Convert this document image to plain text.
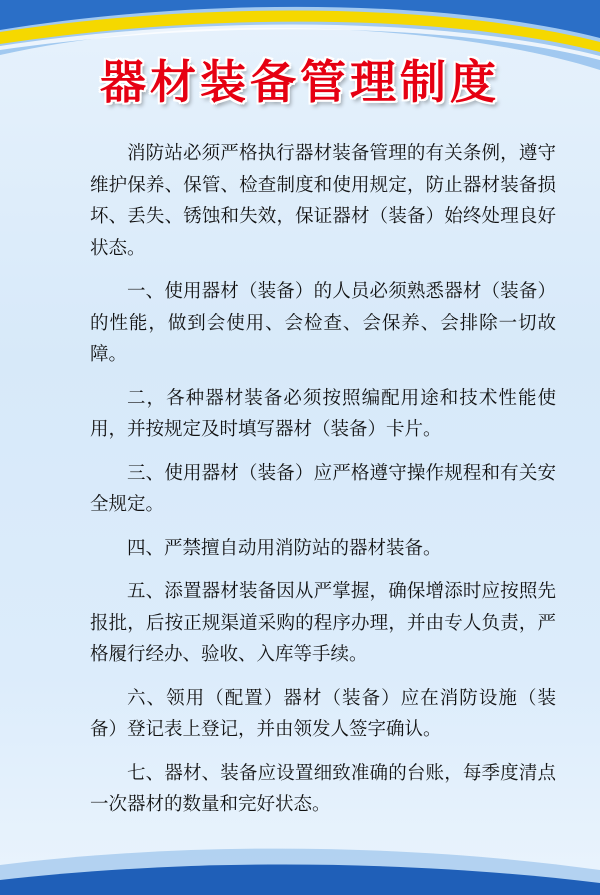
器材装备管理制度

消防站必须严格执行器材装备管理的有关条例，遵守维护保养、保管、检查制度和使用规定，防止器材装备损坏、丢失、锈蚀和失效，保证器材（装备）始终处理良好状态。

一、使用器材（装备）的人员必须熟悉器材（装备）的性能，做到会使用、会检查、会保养、会排除一切故障。

二，各种器材装备必须按照编配用途和技术性能使用，并按规定及时填写器材（装备）卡片。

三、使用器材（装备）应严格遵守操作规程和有关安全规定。

四、严禁擅自动用消防站的器材装备。

五、添置器材装备因从严掌握，确保增添时应按照先报批，后按正规渠道采购的程序办理，并由专人负责，严格履行经办、验收、入库等手续。

六、领用（配置）器材（装备）应在消防设施（装备）登记表上登记，并由领发人签字确认。

七、器材、装备应设置细致准确的台账，每季度清点一次器材的数量和完好状态。
